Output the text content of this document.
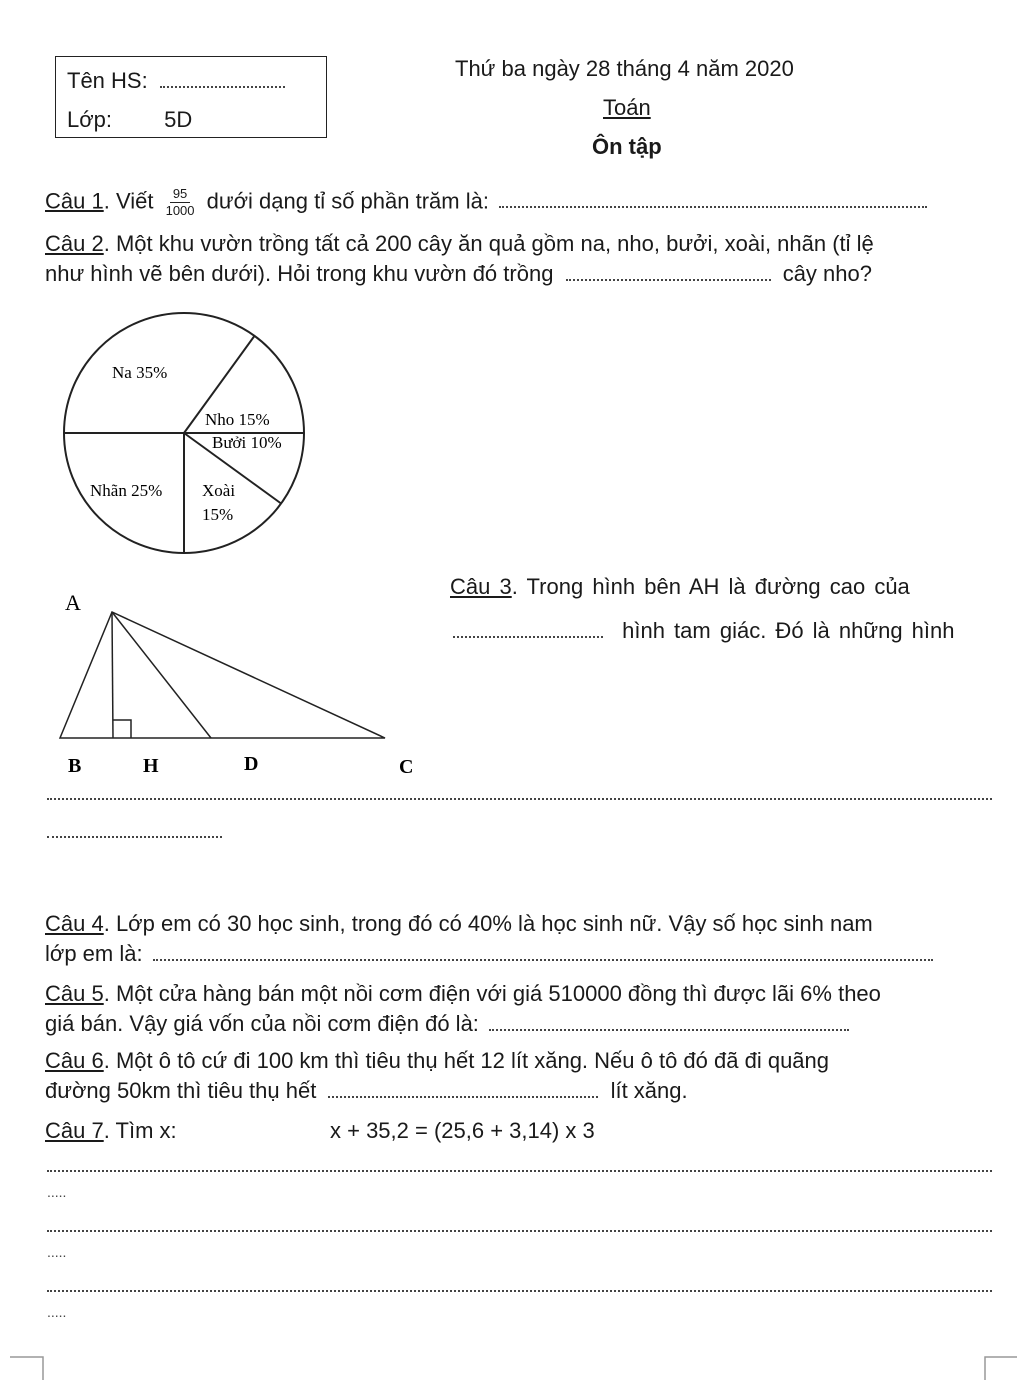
Tên HS:
Lớp: 5D
Thứ ba ngày 28 tháng 4 năm 2020
Toán
Ôn tập
Câu 1. Viết $\frac{95}{1000}$ dưới dạng tỉ số phần trăm là:
Câu 2. Một khu vườn trồng tất cả 200 cây ăn quả gồm na, nho, bưởi, xoài, nhãn (tỉ lệ
như hình vẽ bên dưới). Hỏi trong khu vườn đó trồng	cây nho?
Na 35%
Nho 15%
Bưởi 10%
Xoài
15%
Nhãn 25%
Câu 3. Trong hình bên AH là đường cao của
hình tam giác. Đó là những hình
A
B	H	D	C
Câu 4. Lớp em có 30 học sinh, trong đó có 40% là học sinh nữ. Vậy số học sinh nam
lớp em là:
Câu 5. Một cửa hàng bán một nồi cơm điện với giá 510000 đồng thì được lãi 6% theo
giá bán. Vậy giá vốn của nồi cơm điện đó là:
Câu 6. Một ô tô cứ đi 100 km thì tiêu thụ hết 12 lít xăng. Nếu ô tô đó đã đi quãng
đường 50km thì tiêu thụ hết	lít xăng.
Câu 7. Tìm x:	x + 35,2 = (25,6 + 3,14) x 3
.....
.....
.....
